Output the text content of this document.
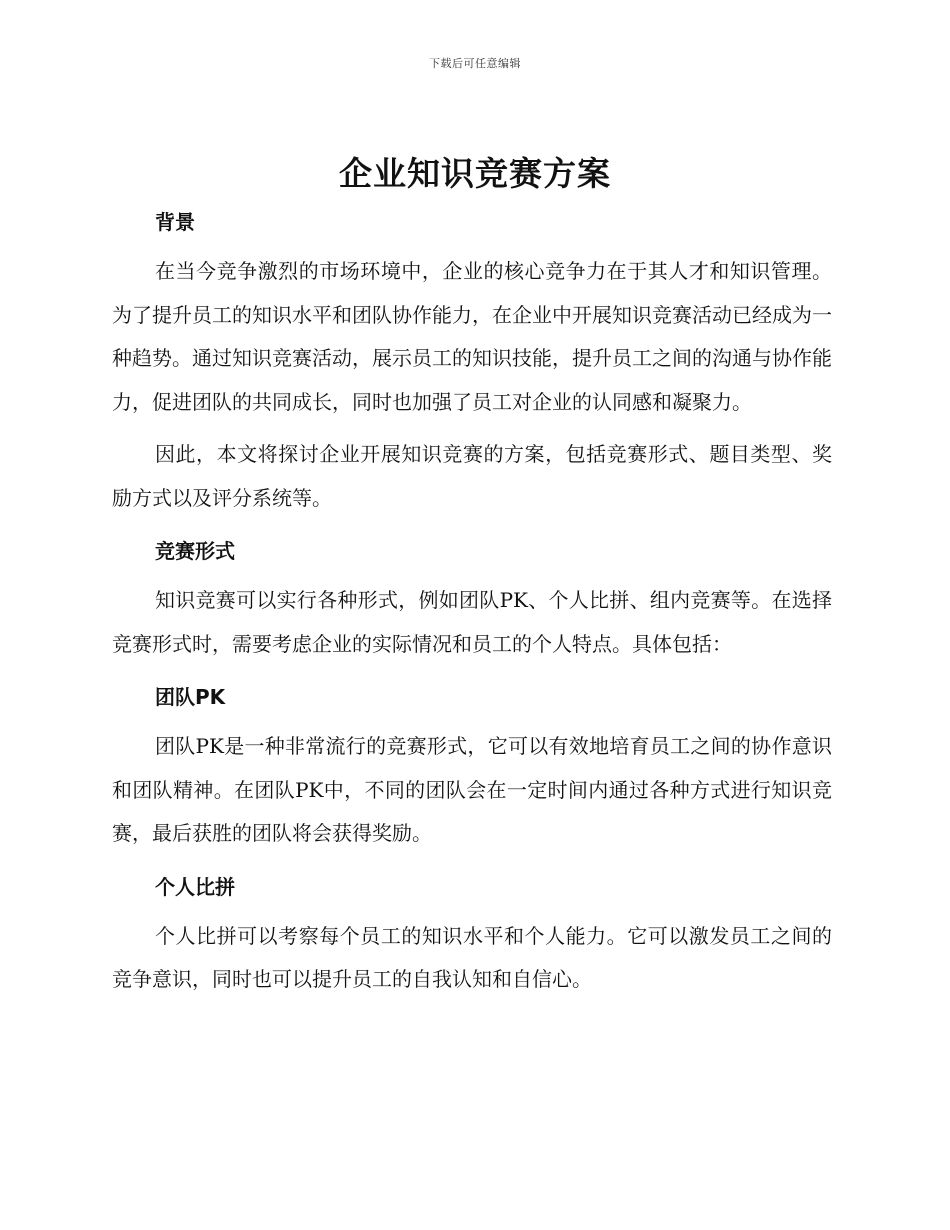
下载后可任意编辑
企业知识竞赛方案
背景

在当今竞争激烈的市场环境中，企业的核心竞争力在于其人才和知识管理。为了提升员工的知识水平和团队协作能力，在企业中开展知识竞赛活动已经成为一种趋势。通过知识竞赛活动，展示员工的知识技能，提升员工之间的沟通与协作能力，促进团队的共同成长，同时也加强了员工对企业的认同感和凝聚力。

因此，本文将探讨企业开展知识竞赛的方案，包括竞赛形式、题目类型、奖励方式以及评分系统等。

竞赛形式

知识竞赛可以实行各种形式，例如团队PK、个人比拼、组内竞赛等。在选择竞赛形式时，需要考虑企业的实际情况和员工的个人特点。具体包括：

团队PK

团队PK是一种非常流行的竞赛形式，它可以有效地培育员工之间的协作意识和团队精神。在团队PK中，不同的团队会在一定时间内通过各种方式进行知识竞赛，最后获胜的团队将会获得奖励。

个人比拼

个人比拼可以考察每个员工的知识水平和个人能力。它可以激发员工之间的竞争意识，同时也可以提升员工的自我认知和自信心。
